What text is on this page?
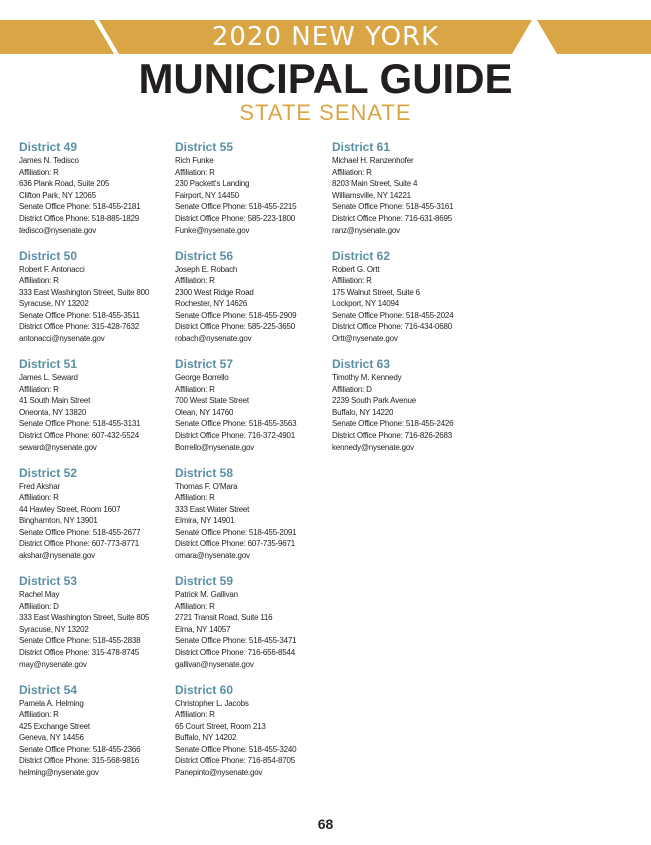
2020 NEW YORK
MUNICIPAL GUIDE
STATE SENATE
District 49
James N. Tedisco
Affiliation: R
636 Plank Road, Suite 205
Clifton Park, NY 12065
Senate Office Phone: 518-455-2181
District Office Phone: 518-885-1829
tedisco@nysenate.gov
District 50
Robert F. Antonacci
Affiliation: R
333 East Washington Street, Suite 800
Syracuse, NY 13202
Senate Office Phone: 518-455-3511
District Office Phone: 315-428-7632
antonacci@nysenate.gov
District 51
James L. Seward
Affiliation: R
41 South Main Street
Oneonta, NY 13820
Senate Office Phone: 518-455-3131
District Office Phone: 607-432-5524
seward@nysenate.gov
District 52
Fred Akshar
Affiliation: R
44 Hawley Street, Room 1607
Binghamton, NY 13901
Senate Office Phone: 518-455-2677
District Office Phone: 607-773-8771
akshar@nysenate.gov
District 53
Rachel May
Affiliation: D
333 East Washington Street, Suite 805
Syracuse, NY 13202
Senate Office Phone: 518-455-2838
District Office Phone: 315-478-8745
may@nysenate.gov
District 54
Pamela A. Helming
Affiliation: R
425 Exchange Street
Geneva, NY 14456
Senate Office Phone: 518-455-2366
District Office Phone: 315-568-9816
helming@nysenate.gov
District 55
Rich Funke
Affiliation: R
230 Packett's Landing
Fairport, NY 14450
Senate Office Phone: 518-455-2215
District Office Phone: 585-223-1800
Funke@nysenate.gov
District 56
Joseph E. Robach
Affiliation: R
2300 West Ridge Road
Rochester, NY 14626
Senate Office Phone: 518-455-2909
District Office Phone: 585-225-3650
robach@nysenate.gov
District 57
George Borrello
Affiliation: R
700 West State Street
Olean, NY 14760
Senate Office Phone: 518-455-3563
District Office Phone: 716-372-4901
Borrello@nysenate.gov
District 58
Thomas F. O'Mara
Affiliation: R
333 East Water Street
Elmira, NY 14901
Senate Office Phone: 518-455-2091
District Office Phone: 607-735-9671
omara@nysenate.gov
District 59
Patrick M. Gallivan
Affiliation: R
2721 Transit Road, Suite 116
Elma, NY 14057
Senate Office Phone: 518-455-3471
District Office Phone: 716-656-8544
gallivan@nysenate.gov
District 60
Christopher L. Jacobs
Affiliation: R
65 Court Street, Room 213
Buffalo, NY 14202
Senate Office Phone: 518-455-3240
District Office Phone: 716-854-8705
Panepinto@nysenate.gov
District 61
Michael H. Ranzenhofer
Affiliation: R
8203 Main Street, Suite 4
Williamsville, NY 14221
Senate Office Phone: 518-455-3161
District Office Phone: 716-631-8695
ranz@nysenate.gov
District 62
Robert G. Ortt
Affiliation: R
175 Walnut Street, Suite 6
Lockport, NY 14094
Senate Office Phone: 518-455-2024
District Office Phone: 716-434-0680
Ortt@nysenate.gov
District 63
Timothy M. Kennedy
Affiliation: D
2239 South Park Avenue
Buffalo, NY 14220
Senate Office Phone: 518-455-2426
District Office Phone: 716-826-2683
kennedy@nysenate.gov
68
